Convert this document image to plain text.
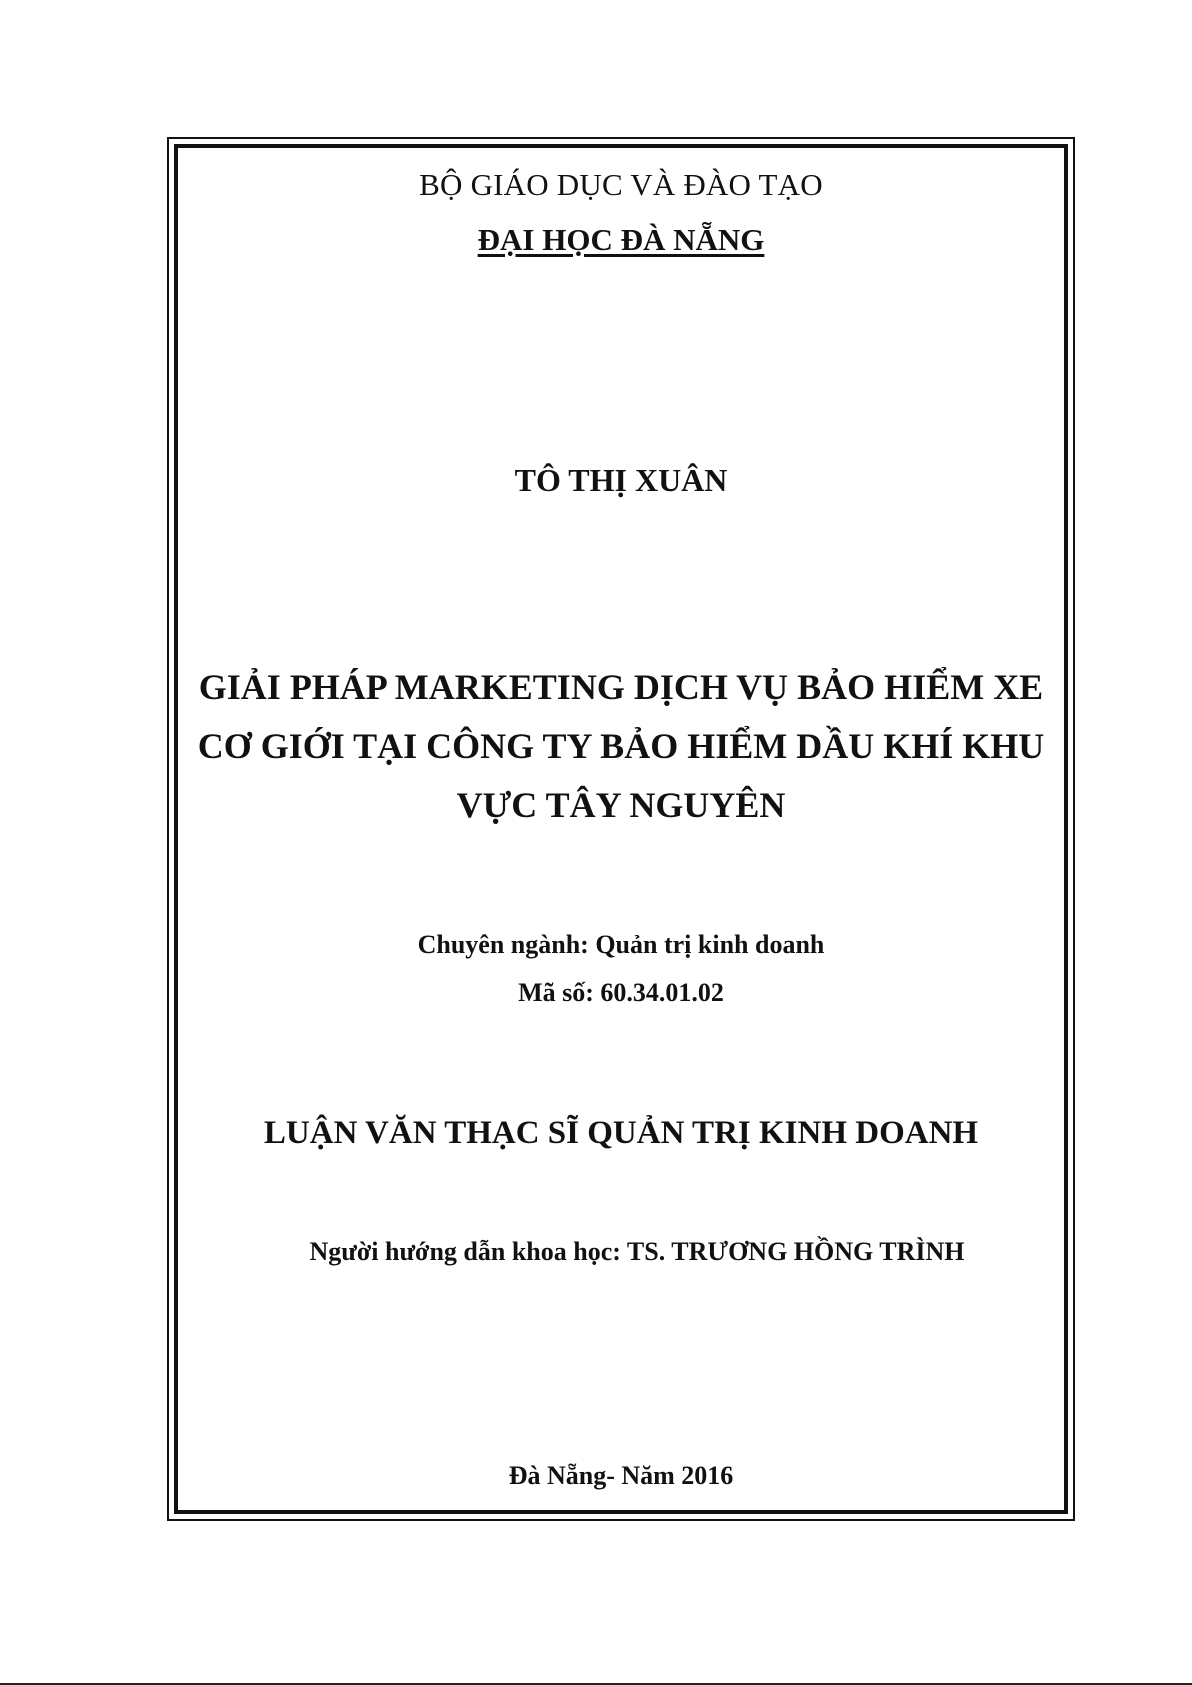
BỘ GIÁO DỤC VÀ ĐÀO TẠO
ĐẠI HỌC ĐÀ NẴNG
TÔ THỊ XUÂN
GIẢI PHÁP MARKETING DỊCH VỤ BẢO HIỂM XE
CƠ GIỚI TẠI CÔNG TY BẢO HIỂM DẦU KHÍ KHU
VỰC TÂY NGUYÊN
Chuyên ngành: Quản trị kinh doanh
Mã số: 60.34.01.02
LUẬN VĂN THẠC SĨ QUẢN TRỊ KINH DOANH
Người hướng dẫn khoa học: TS. TRƯƠNG HỒNG TRÌNH
Đà Nẵng- Năm 2016
